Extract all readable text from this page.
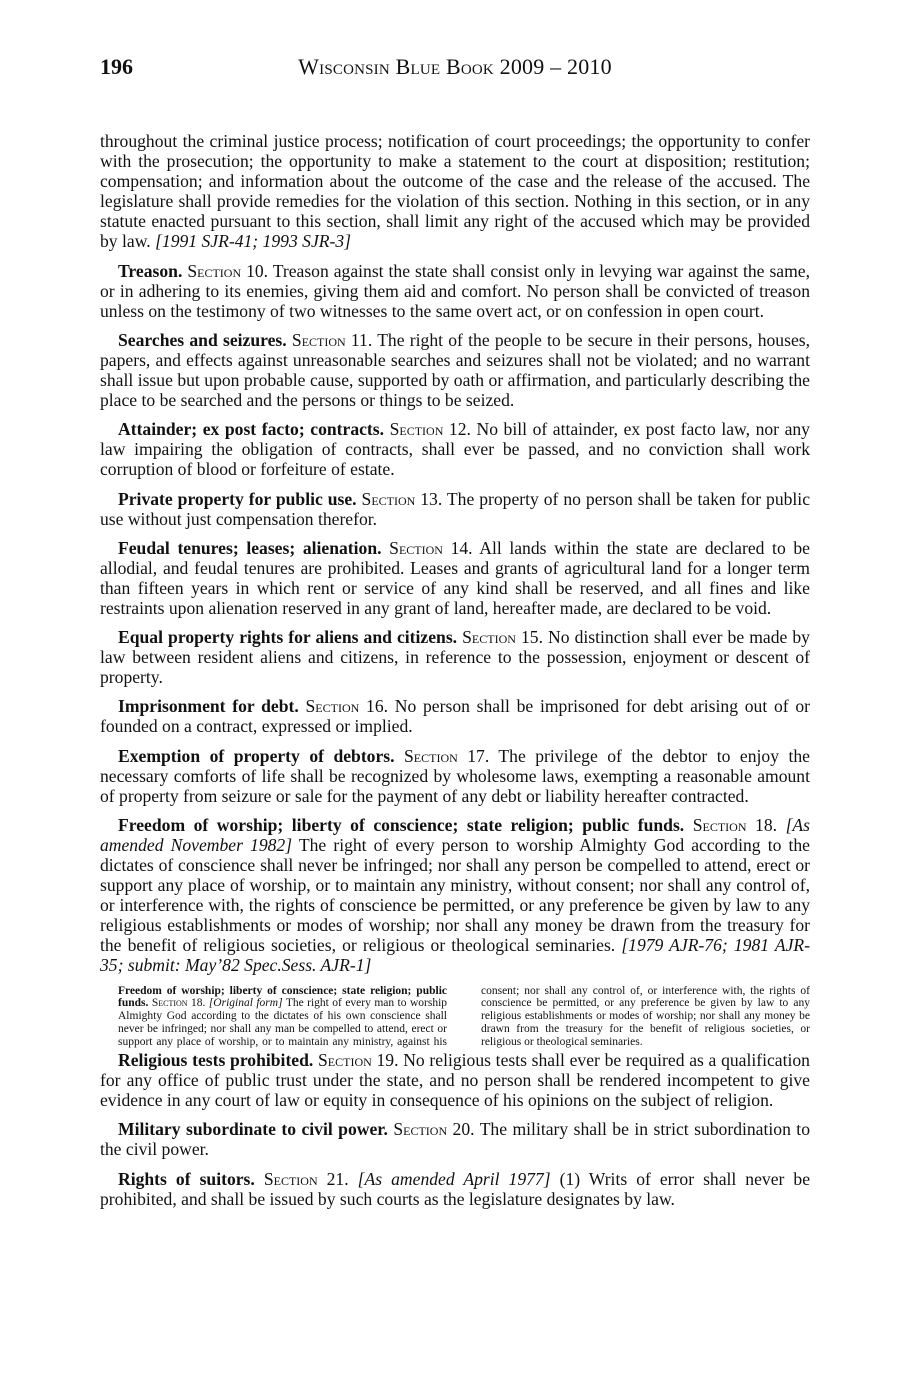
196	Wisconsin Blue Book 2009 – 2010

throughout the criminal justice process; notification of court proceedings; the opportunity to confer with the prosecution; the opportunity to make a statement to the court at disposition; restitution; compensation; and information about the outcome of the case and the release of the accused. The legislature shall provide remedies for the violation of this section. Nothing in this section, or in any statute enacted pursuant to this section, shall limit any right of the accused which may be provided by law. [1991 SJR-41; 1993 SJR-3]

Treason. Section 10. Treason against the state shall consist only in levying war against the same, or in adhering to its enemies, giving them aid and comfort. No person shall be convicted of treason unless on the testimony of two witnesses to the same overt act, or on confession in open court.

Searches and seizures. Section 11. The right of the people to be secure in their persons, houses, papers, and effects against unreasonable searches and seizures shall not be violated; and no warrant shall issue but upon probable cause, supported by oath or affirmation, and particularly describing the place to be searched and the persons or things to be seized.

Attainder; ex post facto; contracts. Section 12. No bill of attainder, ex post facto law, nor any law impairing the obligation of contracts, shall ever be passed, and no conviction shall work corruption of blood or forfeiture of estate.

Private property for public use. Section 13. The property of no person shall be taken for public use without just compensation therefor.

Feudal tenures; leases; alienation. Section 14. All lands within the state are declared to be allodial, and feudal tenures are prohibited. Leases and grants of agricultural land for a longer term than fifteen years in which rent or service of any kind shall be reserved, and all fines and like restraints upon alienation reserved in any grant of land, hereafter made, are declared to be void.

Equal property rights for aliens and citizens. Section 15. No distinction shall ever be made by law between resident aliens and citizens, in reference to the possession, enjoyment or descent of property.

Imprisonment for debt. Section 16. No person shall be imprisoned for debt arising out of or founded on a contract, expressed or implied.

Exemption of property of debtors. Section 17. The privilege of the debtor to enjoy the necessary comforts of life shall be recognized by wholesome laws, exempting a reasonable amount of property from seizure or sale for the payment of any debt or liability hereafter contracted.

Freedom of worship; liberty of conscience; state religion; public funds. Section 18. [As amended November 1982] The right of every person to worship Almighty God according to the dictates of conscience shall never be infringed; nor shall any person be compelled to attend, erect or support any place of worship, or to maintain any ministry, without consent; nor shall any control of, or interference with, the rights of conscience be permitted, or any preference be given by law to any religious establishments or modes of worship; nor shall any money be drawn from the treasury for the benefit of religious societies, or religious or theological seminaries. [1979 AJR-76; 1981 AJR-35; submit: May’82 Spec.Sess. AJR-1]

Freedom of worship; liberty of conscience; state religion; public funds. Section 18. [Original form] The right of every man to worship Almighty God according to the dictates of his own conscience shall never be infringed; nor shall any man be compelled to attend, erect or support any place of worship, or to maintain any ministry, against his consent; nor shall any control of, or interference with, the rights of conscience be permitted, or any preference be given by law to any religious establishments or modes of worship; nor shall any money be drawn from the treasury for the benefit of religious societies, or religious or theological seminaries.

Religious tests prohibited. Section 19. No religious tests shall ever be required as a qualification for any office of public trust under the state, and no person shall be rendered incompetent to give evidence in any court of law or equity in consequence of his opinions on the subject of religion.

Military subordinate to civil power. Section 20. The military shall be in strict subordination to the civil power.

Rights of suitors. Section 21. [As amended April 1977] (1) Writs of error shall never be prohibited, and shall be issued by such courts as the legislature designates by law.
